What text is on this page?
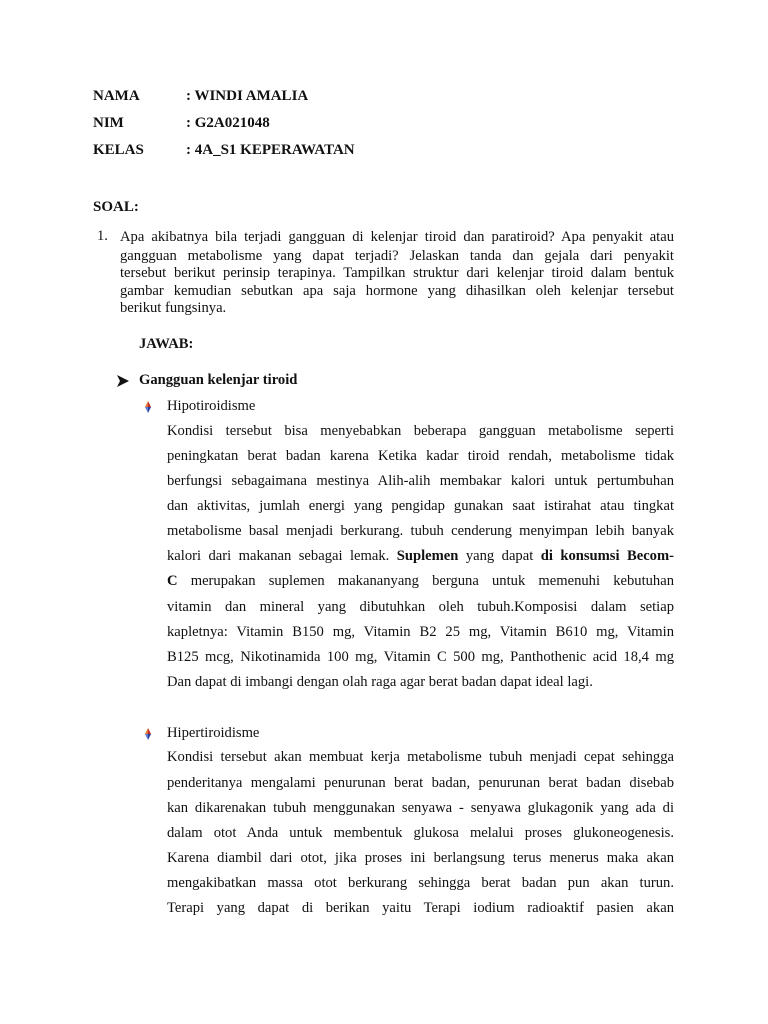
NAMA	: WINDI AMALIA
NIM	: G2A021048
KELAS	: 4A_S1 KEPERAWATAN
SOAL:
1. Apa akibatnya bila terjadi gangguan di kelenjar tiroid dan paratiroid? Apa penyakit atau
gangguan metabolisme yang dapat terjadi? Jelaskan tanda dan gejala dari penyakit
tersebut berikut perinsip terapinya. Tampilkan struktur dari kelenjar tiroid dalam bentuk
gambar kemudian sebutkan apa saja hormone yang dihasilkan oleh kelenjar tersebut
berikut fungsinya.
JAWAB:
Gangguan kelenjar tiroid
Hipotiroidisme
Kondisi tersebut bisa menyebabkan beberapa gangguan metabolisme seperti
peningkatan berat badan karena Ketika kadar tiroid rendah, metabolisme tidak
berfungsi sebagaimana mestinya Alih-alih membakar kalori untuk pertumbuhan
dan aktivitas, jumlah energi yang pengidap gunakan saat istirahat atau tingkat
metabolisme basal menjadi berkurang. tubuh cenderung menyimpan lebih banyak
kalori dari makanan sebagai lemak. Suplemen yang dapat di konsumsi Becom-
C merupakan suplemen makananyang berguna untuk memenuhi kebutuhan
vitamin dan mineral yang dibutuhkan oleh tubuh.Komposisi dalam setiap
kapletnya: Vitamin B150 mg, Vitamin B2 25 mg, Vitamin B610 mg, Vitamin
B125 mcg, Nikotinamida 100 mg, Vitamin C 500 mg, Panthothenic acid 18,4 mg
Dan dapat di imbangi dengan olah raga agar berat badan dapat ideal lagi.
Hipertiroidisme
Kondisi tersebut akan membuat kerja metabolisme tubuh menjadi cepat sehingga
penderitanya mengalami penurunan berat badan, penurunan berat badan disebab
kan dikarenakan tubuh menggunakan senyawa - senyawa glukagonik yang ada di
dalam otot Anda untuk membentuk glukosa melalui proses glukoneogenesis.
Karena diambil dari otot, jika proses ini berlangsung terus menerus maka akan
mengakibatkan massa otot berkurang sehingga berat badan pun akan turun.
Terapi yang dapat di berikan yaitu Terapi iodium radioaktif pasien akan
